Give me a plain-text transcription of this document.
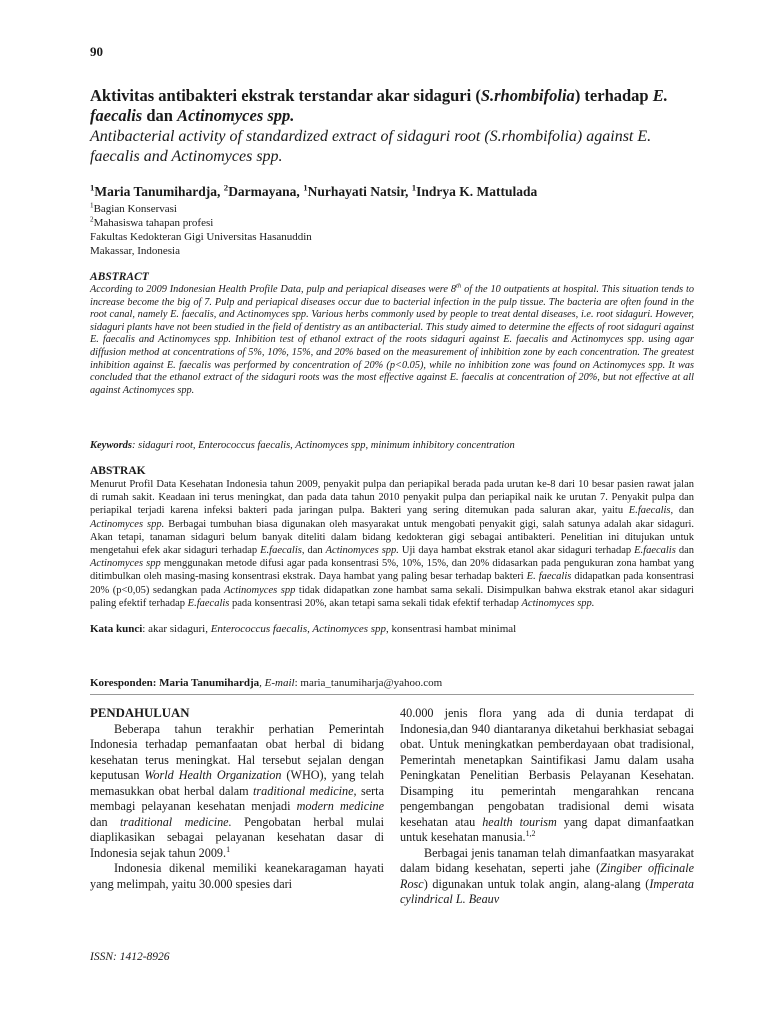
90
Aktivitas antibakteri ekstrak terstandar akar sidaguri (S.rhombifolia) terhadap E. faecalis dan Actinomyces spp.
Antibacterial activity of standardized extract of sidaguri root (S.rhombifolia) against E. faecalis and Actinomyces spp.
$^1$Maria Tanumihardja, $^2$Darmayana, $^1$Nurhayati Natsir, $^1$Indrya K. Mattulada
$^1$Bagian Konservasi
$^2$Mahasiswa tahapan profesi
Fakultas Kedokteran Gigi Universitas Hasanuddin
Makassar, Indonesia
ABSTRACT
According to 2009 Indonesian Health Profile Data, pulp and periapical diseases were 8th of the 10 outpatients at hospital. This situation tends to increase become the big of 7. Pulp and periapical diseases occur due to bacterial infection in the pulp tissue. The bacteria are often found in the root canal, namely E. faecalis, and Actinomyces spp. Various herbs commonly used by people to treat dental diseases, i.e. root sidaguri. However, sidaguri plants have not been studied in the field of dentistry as an antibacterial. This study aimed to determine the effects of root sidaguri against E. faecalis and Actinomyces spp. Inhibition test of ethanol extract of the roots sidaguri against E. faecalis and Actinomyces spp. using agar diffusion method at concentrations of 5%, 10%, 15%, and 20% based on the measurement of inhibition zone by each concentration. The greatest inhibition against E. faecalis was performed by concentration of 20% (p<0.05), while no inhibition zone was found on Actinomyces spp. It was concluded that the ethanol extract of the sidaguri roots was the most effective against E. faecalis at concentration of 20%, but not effective at all against Actinomyces spp.
Keywords: sidaguri root, Enterococcus faecalis, Actinomyces spp, minimum inhibitory concentration
ABSTRAK
Menurut Profil Data Kesehatan Indonesia tahun 2009, penyakit pulpa dan periapikal berada pada urutan ke-8 dari 10 besar pasien rawat jalan di rumah sakit. Keadaan ini terus meningkat, dan pada data tahun 2010 penyakit pulpa dan periapikal naik ke urutan 7. Penyakit pulpa dan periapikal terjadi karena infeksi bakteri pada jaringan pulpa. Bakteri yang sering ditemukan pada saluran akar, yaitu E.faecalis, dan Actinomyces spp. Berbagai tumbuhan biasa digunakan oleh masyarakat untuk mengobati penyakit gigi, salah satunya adalah akar sidaguri. Akan tetapi, tanaman sidaguri belum banyak diteliti dalam bidang kedokteran gigi sebagai antibakteri. Penelitian ini ditujukan untuk mengetahui efek akar sidaguri terhadap E.faecalis, dan Actinomyces spp. Uji daya hambat ekstrak etanol akar sidaguri terhadap E.faecalis dan Actinomyces spp menggunakan metode difusi agar pada konsentrasi 5%, 10%, 15%, dan 20% didasarkan pada pengukuran zona hambat yang ditimbulkan oleh masing-masing konsentrasi ekstrak. Daya hambat yang paling besar terhadap bakteri E. faecalis didapatkan pada konsentrasi 20% (p<0,05) sedangkan pada Actinomyces spp tidak didapatkan zone hambat sama sekali. Disimpulkan bahwa ekstrak etanol akar sidaguri paling efektif terhadap E.faecalis pada konsentrasi 20%, akan tetapi sama sekali tidak efektif terhadap Actinomyces spp.
Kata kunci: akar sidaguri, Enterococcus faecalis, Actinomyces spp, konsentrasi hambat minimal
Koresponden: Maria Tanumihardja, E-mail: maria_tanumiharja@yahoo.com

PENDAHULUAN

Beberapa tahun terakhir perhatian Pemerintah Indonesia terhadap pemanfaatan obat herbal di bidang kesehatan terus meningkat. Hal tersebut sejalan dengan keputusan World Health Organization (WHO), yang telah memasukkan obat herbal dalam traditional medicine, serta membagi pelayanan kesehatan menjadi modern medicine dan traditional medicine. Pengobatan herbal mulai diaplikasikan sebagai pelayanan kesehatan dasar di Indonesia sejak tahun 2009.$^1$

Indonesia dikenal memiliki keanekaragaman hayati yang melimpah, yaitu 30.000 spesies dari

40.000 jenis flora yang ada di dunia terdapat di Indonesia,dan 940 diantaranya diketahui berkhasiat sebagai obat. Untuk meningkatkan pemberdayaan obat tradisional, Pemerintah menetapkan Saintifikasi Jamu dalam usaha Peningkatan Penelitian Berbasis Pelayanan Kesehatan. Disamping itu pemerintah mengarahkan rencana pengembangan pengobatan tradisional demi wisata kesehatan atau health tourism yang dapat dimanfaatkan untuk kesehatan manusia.$^{1,2}$

Berbagai jenis tanaman telah dimanfaatkan masyarakat dalam bidang kesehatan, seperti jahe (Zingiber officinale Rosc) digunakan untuk tolak angin, alang-alang (Imperata cylindrical L. Beauv

ISSN: 1412-8926
